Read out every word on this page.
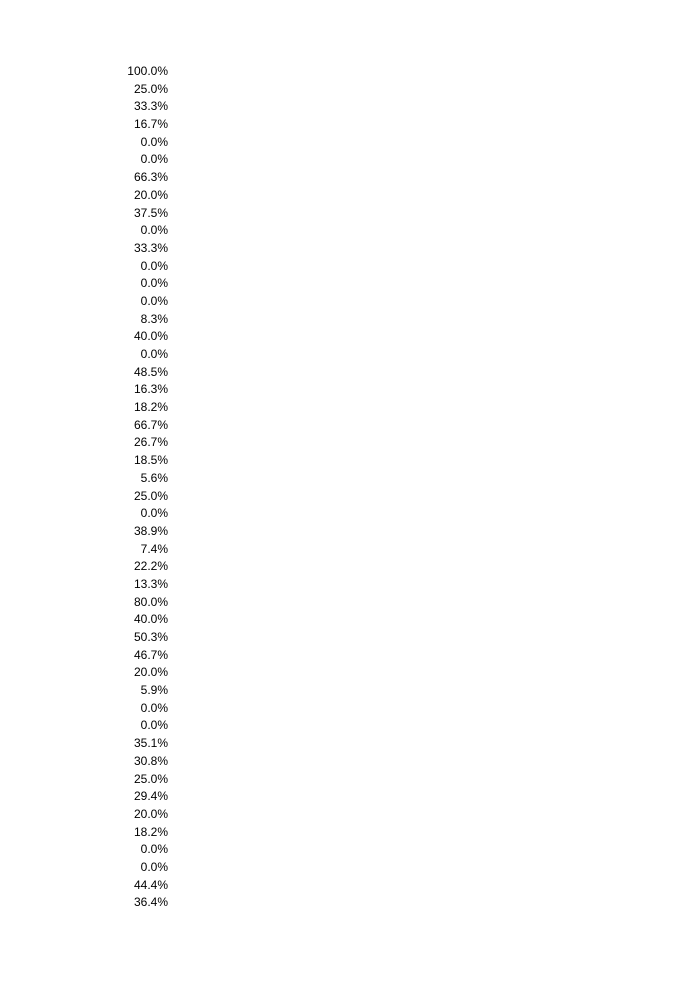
100.0%
25.0%
33.3%
16.7%
0.0%
0.0%
66.3%
20.0%
37.5%
0.0%
33.3%
0.0%
0.0%
0.0%
8.3%
40.0%
0.0%
48.5%
16.3%
18.2%
66.7%
26.7%
18.5%
5.6%
25.0%
0.0%
38.9%
7.4%
22.2%
13.3%
80.0%
40.0%
50.3%
46.7%
20.0%
5.9%
0.0%
0.0%
35.1%
30.8%
25.0%
29.4%
20.0%
18.2%
0.0%
0.0%
44.4%
36.4%
